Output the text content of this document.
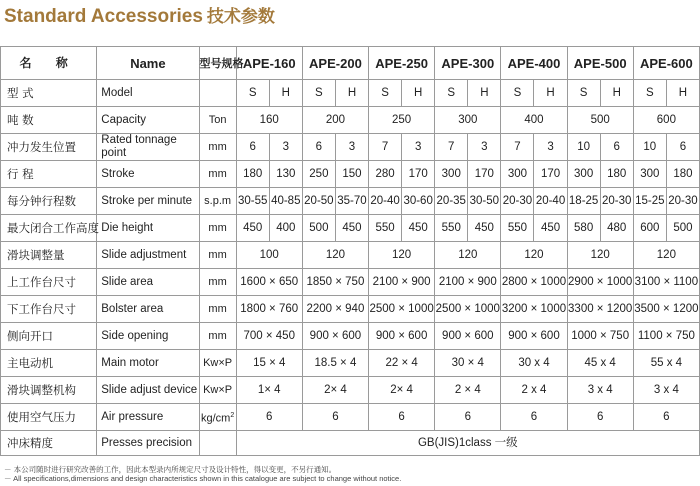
Standard Accessories 技术参数
名 称	Name	型号规格	APE-160		APE-200		APE-250		APE-300		APE-400		APE-500		APE-600	
型 式	Model		S	H	S	H	S	H	S	H	S	H	S	H	S	H
吨 数	Capacity	Ton	160		200		250		300		400		500		600	
冲力发生位置	Rated tonnage point	mm	6	3	6	3	7	3	7	3	7	3	10	6	10	6
行 程	Stroke	mm	180	130	250	150	280	170	300	170	300	170	300	180	300	180
每分钟行程数	Stroke per minute	s.p.m	30-55	40-85	20-50	35-70	20-40	30-60	20-35	30-50	20-30	20-40	18-25	20-30	15-25	20-30
最大闭合工作高度	Die height	mm	450	400	500	450	550	450	550	450	550	450	580	480	600	500
滑块调整量	Slide adjustment	mm	100		120		120		120		120		120		120	
上工作台尺寸	Slide area	mm	1600 × 650		1850 × 750		2100 × 900		2100 × 900		2800 × 1000		2900 × 1000		3100 × 1100	
下工作台尺寸	Bolster area	mm	1800 × 760		2200 × 940		2500 × 1000		2500 × 1000		3200 × 1000		3300 × 1200		3500 × 1200	
侧向开口	Side opening	mm	700 × 450		900 × 600		900 × 600		900 × 600		900 × 600		1000 × 750		1100 × 750	
主电动机	Main motor	Kw×P	15 × 4		18.5 × 4		22 × 4		30 × 4		30 x 4		45 x 4		55 x 4	
滑块调整机构	Slide adjust device	Kw×P	1× 4		2× 4		2× 4		2 × 4		2 x 4		3 x 4		3 x 4	
使用空气压力	Air pressure	$kg/cm^2$	6		6		6		6		6		6		6	
冲床精度	Presses precision		GB(JIS)1class 一级													
－ 本公司随时进行研究改善的工作，因此本型录内所规定尺寸及设计特性，得以变更，不另行通知。
－ All specifications,dimensions and design characteristics shown in this catalogue are subject to change without notice.
